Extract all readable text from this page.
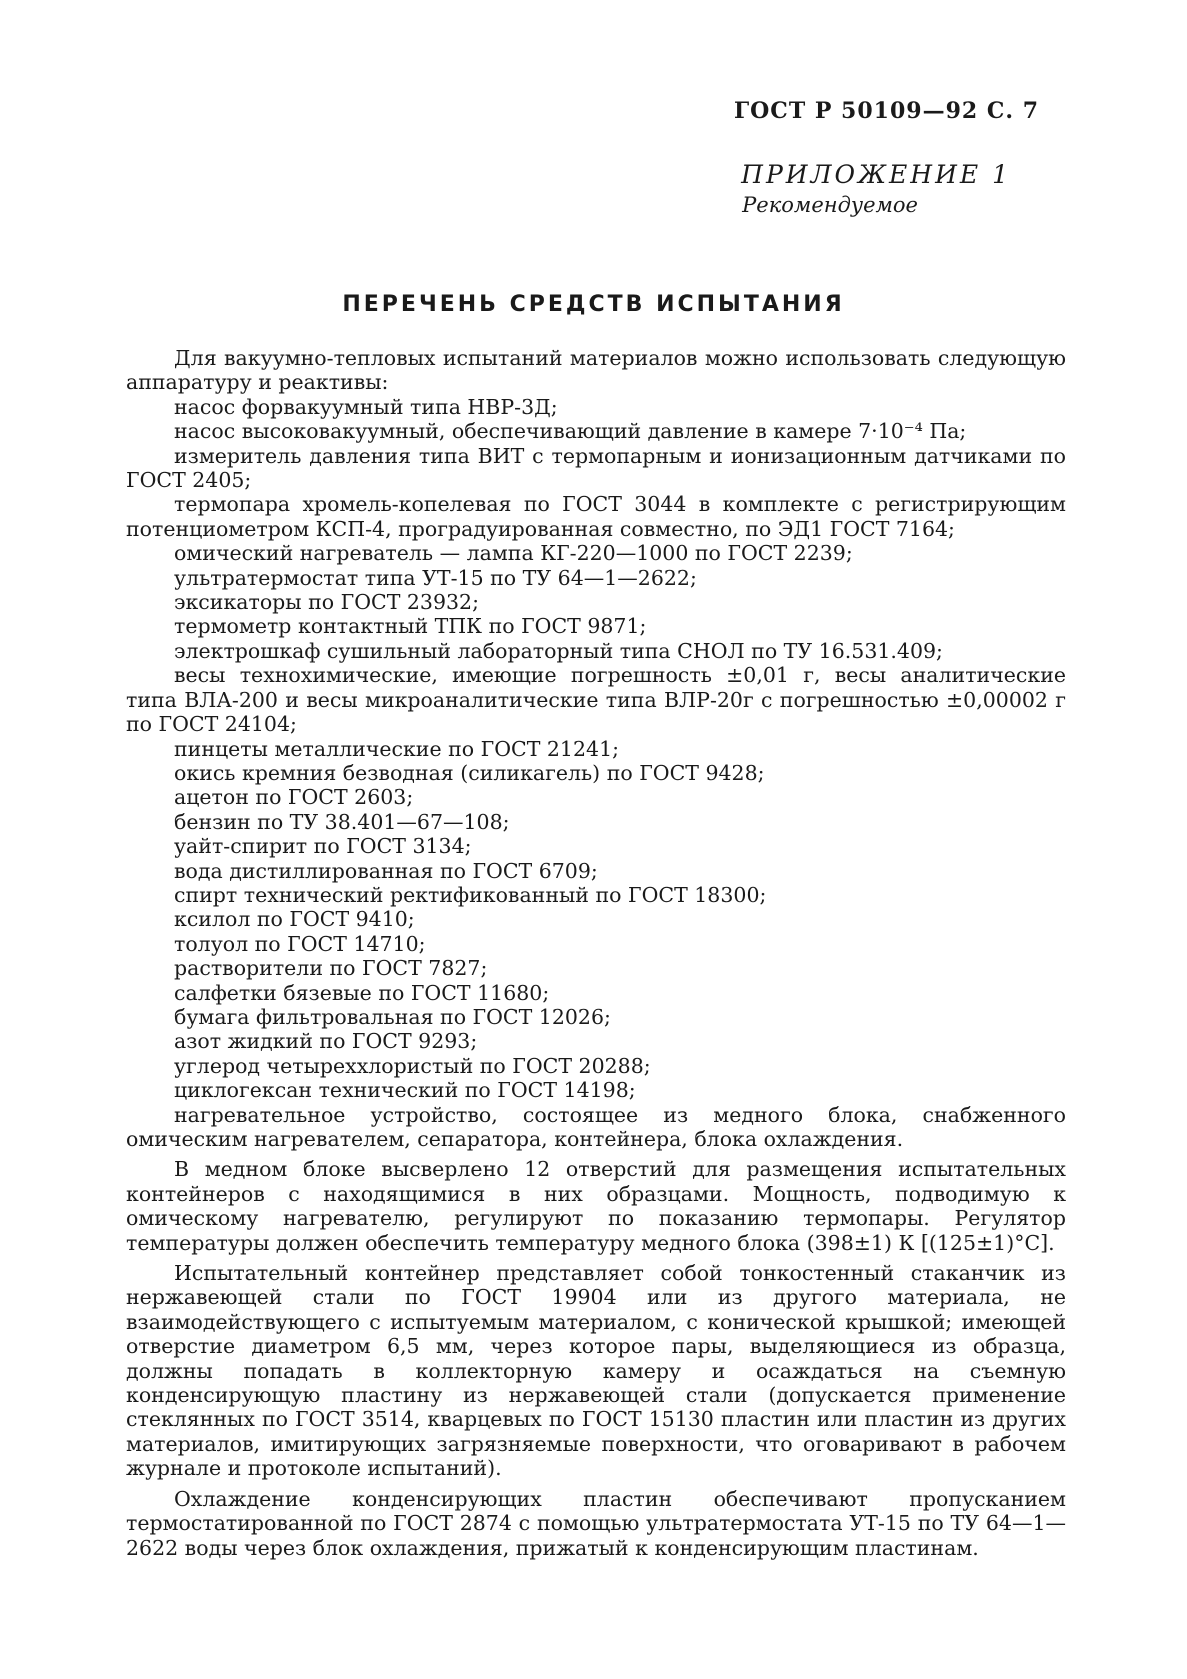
ГОСТ Р 50109—92 С. 7
ПРИЛОЖЕНИЕ 1
Рекомендуемое
ПЕРЕЧЕНЬ СРЕДСТВ ИСПЫТАНИЯ

Для вакуумно-тепловых испытаний материалов можно использовать следующую аппаратуру и реактивы:

насос форвакуумный типа НВР-3Д;

насос высоковакуумный, обеспечивающий давление в камере 7·10⁻⁴ Па;

измеритель давления типа ВИТ с термопарным и ионизационным датчиками по ГОСТ 2405;

термопара хромель-копелевая по ГОСТ 3044 в комплекте с регистрирующим потенциометром КСП-4, проградуированная совместно, по ЭД1 ГОСТ 7164;

омический нагреватель — лампа КГ-220—1000 по ГОСТ 2239;

ультратермостат типа УТ-15 по ТУ 64—1—2622;

эксикаторы по ГОСТ 23932;

термометр контактный ТПК по ГОСТ 9871;

электрошкаф сушильный лабораторный типа СНОЛ по ТУ 16.531.409;

весы технохимические, имеющие погрешность ±0,01 г, весы аналитические типа ВЛА-200 и весы микроаналитические типа ВЛР-20г с погрешностью ±0,00002 г по ГОСТ 24104;

пинцеты металлические по ГОСТ 21241;

окись кремния безводная (силикагель) по ГОСТ 9428;

ацетон по ГОСТ 2603;

бензин по ТУ 38.401—67—108;

уайт-спирит по ГОСТ 3134;

вода дистиллированная по ГОСТ 6709;

спирт технический ректификованный по ГОСТ 18300;

ксилол по ГОСТ 9410;

толуол по ГОСТ 14710;

растворители по ГОСТ 7827;

салфетки бязевые по ГОСТ 11680;

бумага фильтровальная по ГОСТ 12026;

азот жидкий по ГОСТ 9293;

углерод четыреххлористый по ГОСТ 20288;

циклогексан технический по ГОСТ 14198;

нагревательное устройство, состоящее из медного блока, снабженного омическим нагревателем, сепаратора, контейнера, блока охлаждения.

В медном блоке высверлено 12 отверстий для размещения испытательных контейнеров с находящимися в них образцами. Мощность, подводимую к омическому нагревателю, регулируют по показанию термопары. Регулятор температуры должен обеспечить температуру медного блока (398±1) К [(125±1)°С].

Испытательный контейнер представляет собой тонкостенный стаканчик из нержавеющей стали по ГОСТ 19904 или из другого материала, не взаимодействующего с испытуемым материалом, с конической крышкой; имеющей отверстие диаметром 6,5 мм, через которое пары, выделяющиеся из образца, должны попадать в коллекторную камеру и осаждаться на съемную конденсирующую пластину из нержавеющей стали (допускается применение стеклянных по ГОСТ 3514, кварцевых по ГОСТ 15130 пластин или пластин из других материалов, имитирующих загрязняемые поверхности, что оговаривают в рабочем журнале и протоколе испытаний).

Охлаждение конденсирующих пластин обеспечивают пропусканием термостатированной по ГОСТ 2874 с помощью ультратермостата УТ-15 по ТУ 64—1—2622 воды через блок охлаждения, прижатый к конденсирующим пластинам.
